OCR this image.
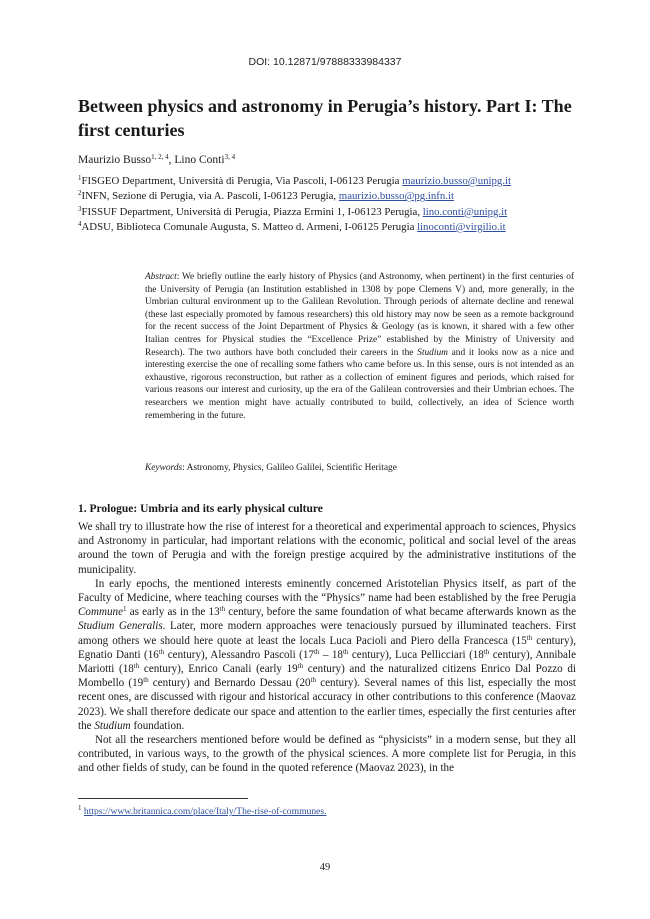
DOI: 10.12871/97888333984337
Between physics and astronomy in Perugia’s history. Part I: The first centuries
Maurizio Busso$^{1, 2, 4}$, Lino Conti$^{3, 4}$
$^1$FISGEO Department, Università di Perugia, Via Pascoli, I-06123 Perugia maurizio.busso@unipg.it
$^2$INFN, Sezione di Perugia, via A. Pascoli, I-06123 Perugia, maurizio.busso@pg.infn.it
$^3$FISSUF Department, Università di Perugia, Piazza Ermini 1, I-06123 Perugia, lino.conti@unipg.it
$^4$ADSU, Biblioteca Comunale Augusta, S. Matteo d. Armeni, I-06125 Perugia linoconti@virgilio.it
Abstract: We briefly outline the early history of Physics (and Astronomy, when pertinent) in the first centuries of the University of Perugia (an Institution established in 1308 by pope Clemens V) and, more generally, in the Umbrian cultural environment up to the Galilean Revolution. Through periods of alternate decline and renewal (these last especially promoted by famous researchers) this old history may now be seen as a remote background for the recent success of the Joint Department of Physics & Geology (as is known, it shared with a few other Italian centres for Physical studies the “Excellence Prize” established by the Ministry of University and Research). The two authors have both concluded their careers in the Studium and it looks now as a nice and interesting exercise the one of recalling some fathers who came before us. In this sense, ours is not intended as an exhaustive, rigorous reconstruction, but rather as a collection of eminent figures and periods, which raised for various reasons our interest and curiosity, up the era of the Galilean controversies and their Umbrian echoes. The researchers we mention might have actually contributed to build, collectively, an idea of Science worth remembering in the future.
Keywords: Astronomy, Physics, Galileo Galilei, Scientific Heritage
1. Prologue: Umbria and its early physical culture

We shall try to illustrate how the rise of interest for a theoretical and experimental approach to sciences, Physics and Astronomy in particular, had important relations with the economic, political and social level of the areas around the town of Perugia and with the foreign prestige acquired by the administrative institutions of the municipality.

In early epochs, the mentioned interests eminently concerned Aristotelian Physics itself, as part of the Faculty of Medicine, where teaching courses with the “Physics” name had been established by the free Perugia Commune$^1$ as early as in the 13th century, before the same foundation of what became afterwards known as the Studium Generalis. Later, more modern approaches were tenaciously pursued by illuminated teachers. First among others we should here quote at least the locals Luca Pacioli and Piero della Francesca (15th century), Egnatio Danti (16th century), Alessandro Pascoli (17th – 18th century), Luca Pellicciari (18th century), Annibale Mariotti (18th century), Enrico Canali (early 19th century) and the naturalized citizens Enrico Dal Pozzo di Mombello (19th century) and Bernardo Dessau (20th century). Several names of this list, especially the most recent ones, are discussed with rigour and historical accuracy in other contributions to this conference (Maovaz 2023). We shall therefore dedicate our space and attention to the earlier times, especially the first centuries after the Studium foundation.

Not all the researchers mentioned before would be defined as “physicists” in a modern sense, but they all contributed, in various ways, to the growth of the physical sciences. A more complete list for Perugia, in this and other fields of study, can be found in the quoted reference (Maovaz 2023), in the

$^1$ https://www.britannica.com/place/Italy/The-rise-of-communes.
49
